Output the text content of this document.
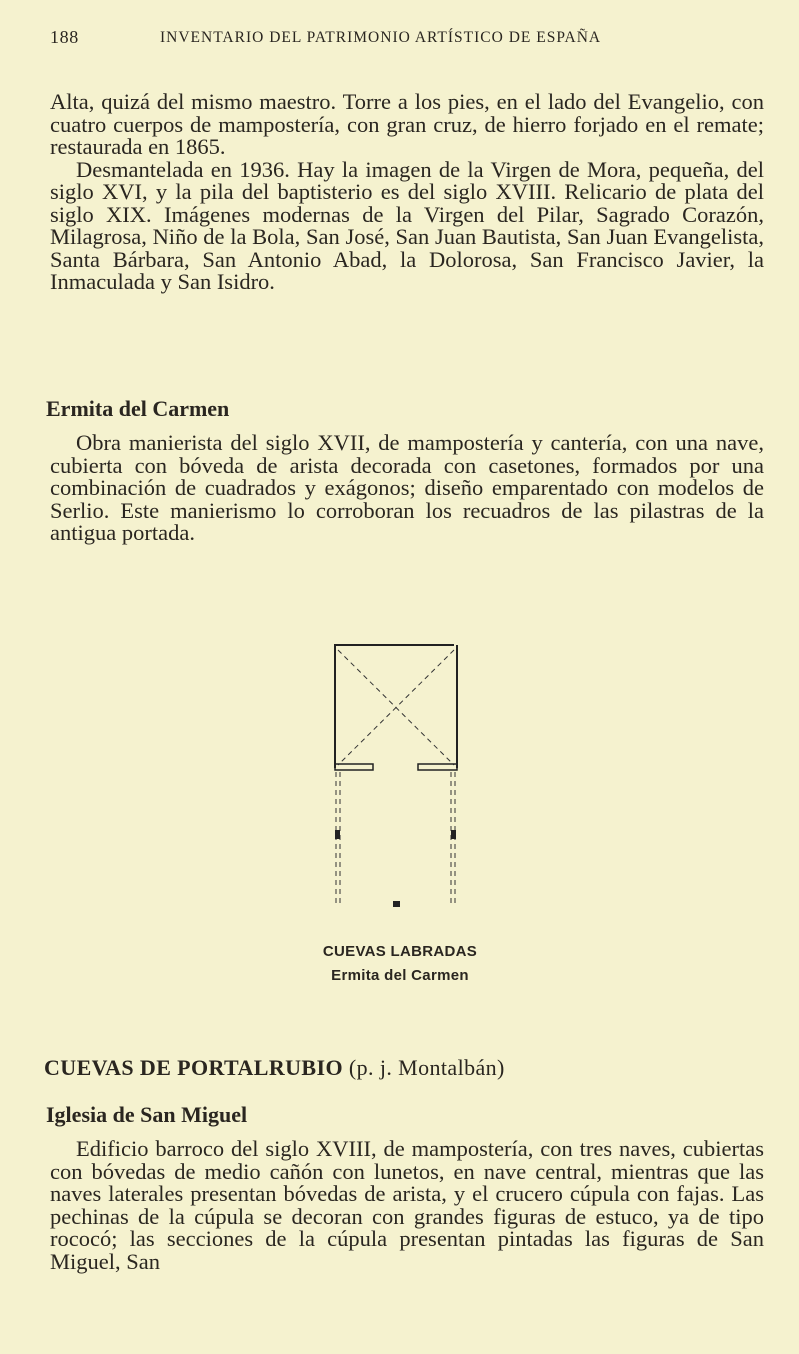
188	INVENTARIO DEL PATRIMONIO ARTÍSTICO DE ESPAÑA

Alta, quizá del mismo maestro. Torre a los pies, en el lado del Evangelio, con cuatro cuerpos de mampostería, con gran cruz, de hierro forjado en el remate; restaurada en 1865.

Desmantelada en 1936. Hay la imagen de la Virgen de Mora, pequeña, del siglo XVI, y la pila del baptisterio es del siglo XVIII. Relicario de plata del siglo XIX. Imágenes modernas de la Virgen del Pilar, Sagrado Corazón, Milagrosa, Niño de la Bola, San José, San Juan Bautista, San Juan Evangelista, Santa Bárbara, San Antonio Abad, la Dolorosa, San Francisco Javier, la Inmaculada y San Isidro.

Ermita del Carmen

Obra manierista del siglo XVII, de mampostería y cantería, con una nave, cubierta con bóveda de arista decorada con casetones, formados por una combinación de cuadrados y exágonos; diseño emparentado con modelos de Serlio. Este manierismo lo corroboran los recuadros de las pilastras de la antigua portada.

CUEVAS LABRADAS
Ermita del Carmen
CUEVAS DE PORTALRUBIO (p. j. Montalbán)
Iglesia de San Miguel

Edificio barroco del siglo XVIII, de mampostería, con tres naves, cubiertas con bóvedas de medio cañón con lunetos, en nave central, mientras que las naves laterales presentan bóvedas de arista, y el crucero cúpula con fajas. Las pechinas de la cúpula se decoran con grandes figuras de estuco, ya de tipo rococó; las secciones de la cúpula presentan pintadas las figuras de San Miguel, San
